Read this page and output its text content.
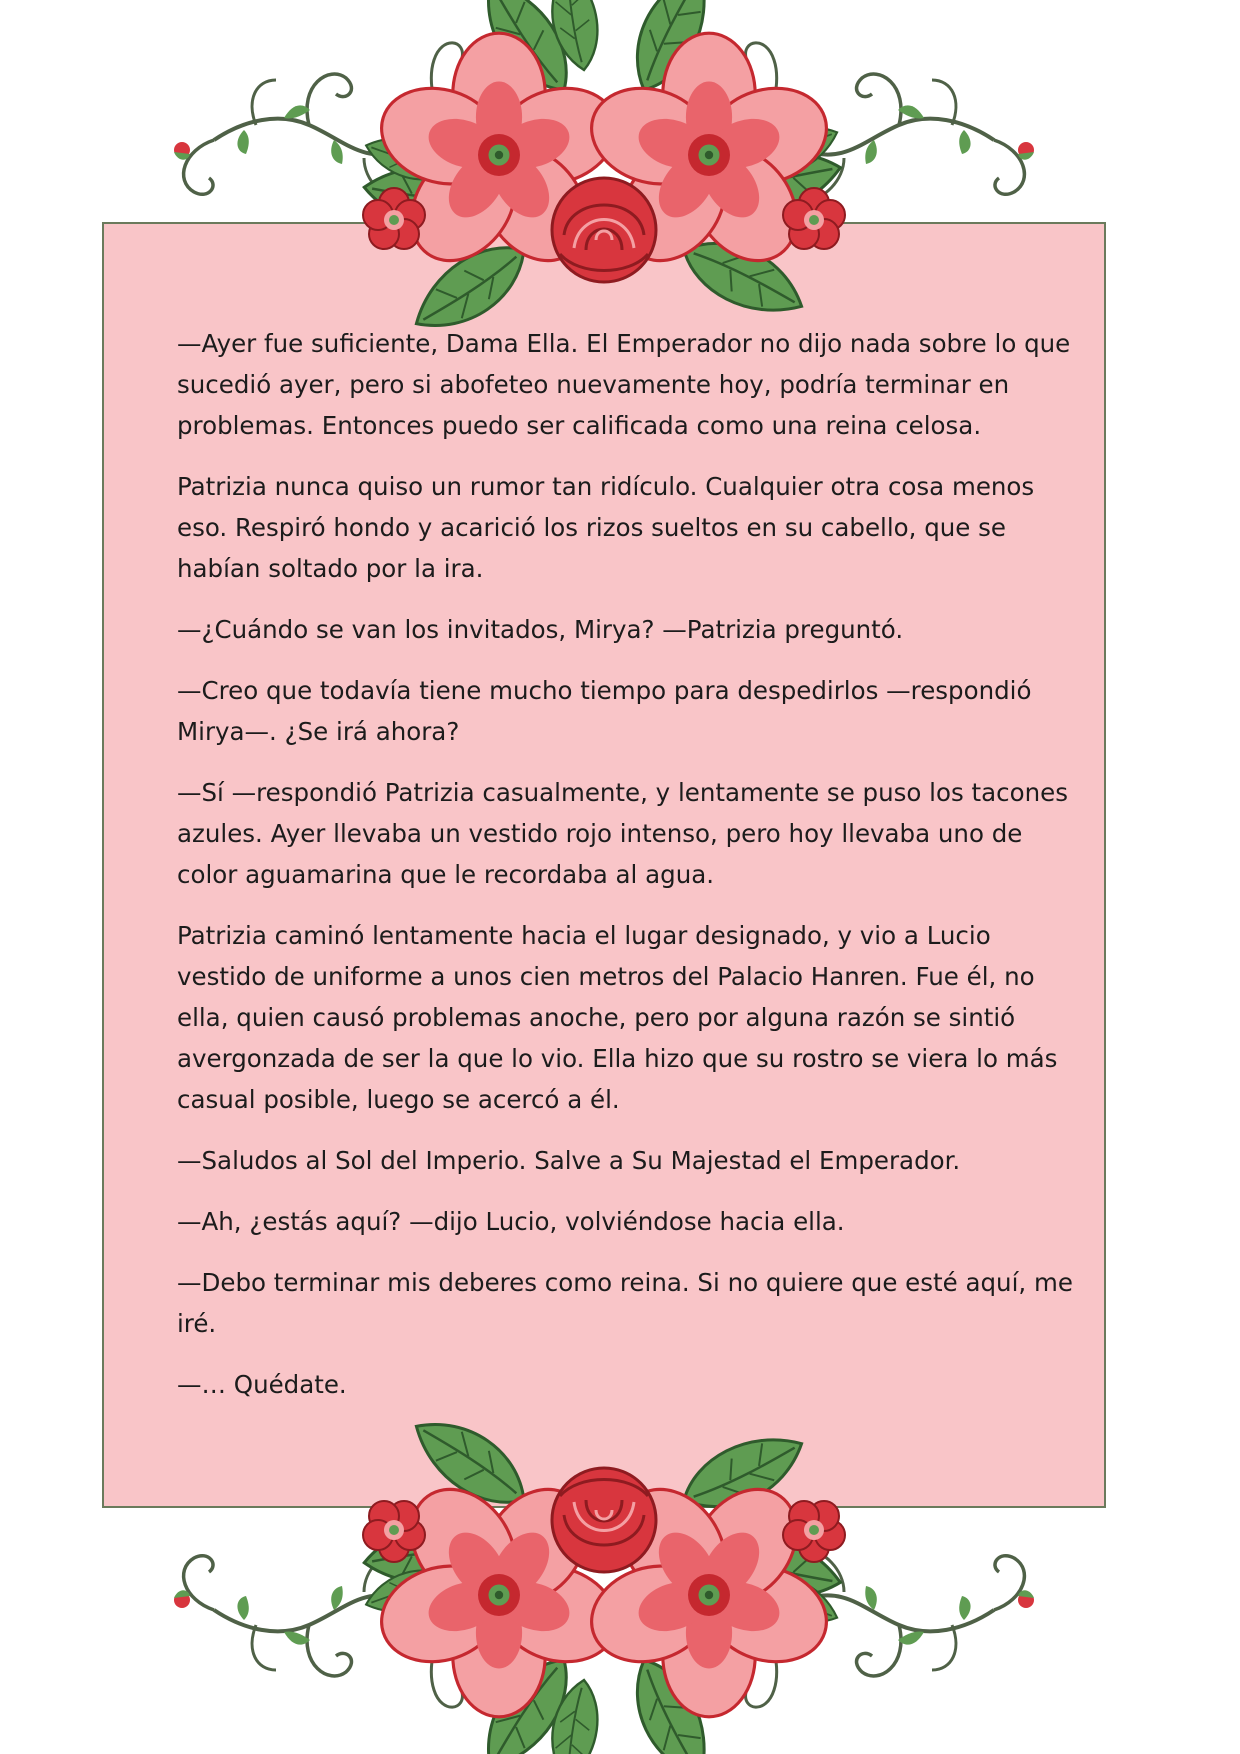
—Ayer fue suficiente, Dama Ella. El Emperador no dijo nada sobre lo que sucedió ayer, pero si abofeteo nuevamente hoy, podría terminar en problemas. Entonces puedo ser calificada como una reina celosa.

Patrizia nunca quiso un rumor tan ridículo. Cualquier otra cosa menos eso. Respiró hondo y acarició los rizos sueltos en su cabello, que se habían soltado por la ira.

—¿Cuándo se van los invitados, Mirya? —Patrizia preguntó.

—Creo que todavía tiene mucho tiempo para despedirlos —respondió Mirya—. ¿Se irá ahora?

—Sí —respondió Patrizia casualmente, y lentamente se puso los tacones azules. Ayer llevaba un vestido rojo intenso, pero hoy llevaba uno de color aguamarina que le recordaba al agua.

Patrizia caminó lentamente hacia el lugar designado, y vio a Lucio vestido de uniforme a unos cien metros del Palacio Hanren. Fue él, no ella, quien causó problemas anoche, pero por alguna razón se sintió avergonzada de ser la que lo vio. Ella hizo que su rostro se viera lo más casual posible, luego se acercó a él.

—Saludos al Sol del Imperio. Salve a Su Majestad el Emperador.

—Ah, ¿estás aquí? —dijo Lucio, volviéndose hacia ella.

—Debo terminar mis deberes como reina. Si no quiere que esté aquí, me iré.

—… Quédate.
